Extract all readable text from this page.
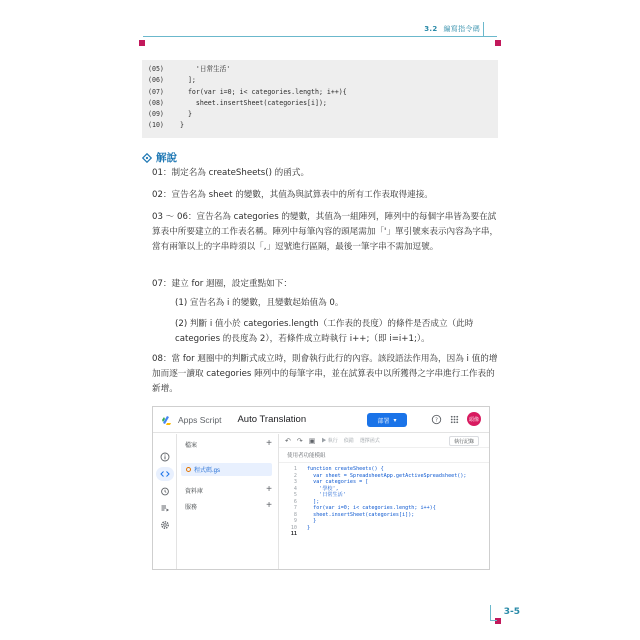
3.2 編寫指令碼
(05)    '日常生活'
(06)  ];
(07)  for(var i=0; i< categories.length; i++){
(08)    sheet.insertSheet(categories[i]);
(09)  }
(10) }
解說

01：制定名為 createSheets() 的函式。

02：宣告名為 sheet 的變數，其值為與試算表中的所有工作表取得連接。

03 ～ 06：宣告名為 categories 的變數，其值為一組陣列，陣列中的每個字串皆為要在試算表中所要建立的工作表名稱。陣列中每筆內容的頭尾需加「'」單引號來表示內容為字串，當有兩筆以上的字串時須以「,」逗號進行區隔，最後一筆字串不需加逗號。

07：建立 for 迴圈，設定重點如下：

(1) 宣告名為 i 的變數，且變數起始值為 0。

(2) 判斷 i 值小於 categories.length（工作表的長度）的條件是否成立（此時 categories 的長度為 2），若條件成立時執行 i++;（即 i=i+1;）。

08：當 for 迴圈中的判斷式成立時，則會執行此行的內容。該段語法作用為，因為 i 值的增加而逐一讀取 categories 陣列中的每筆字串，並在試算表中以所獲得之字串進行工作表的新增。

Apps Script Auto Translation	部署 ▾	?	頭像
檔案	+
程式碼.gs
資料庫	+
服務	+
↶ ↷ ▣ ▶ 執行 偵錯 選擇函式	執行記錄
使用者功能模組
1 function createSheets() {
2 var sheet = SpreadsheetApp.getActiveSpreadsheet();
3 var categories = [
4 '學校',
5 '日常生活'
6 ];
7 for(var i=0; i< categories.length; i++){
8 sheet.insertSheet(categories[i]);
9 }
10 }
11
3-5
